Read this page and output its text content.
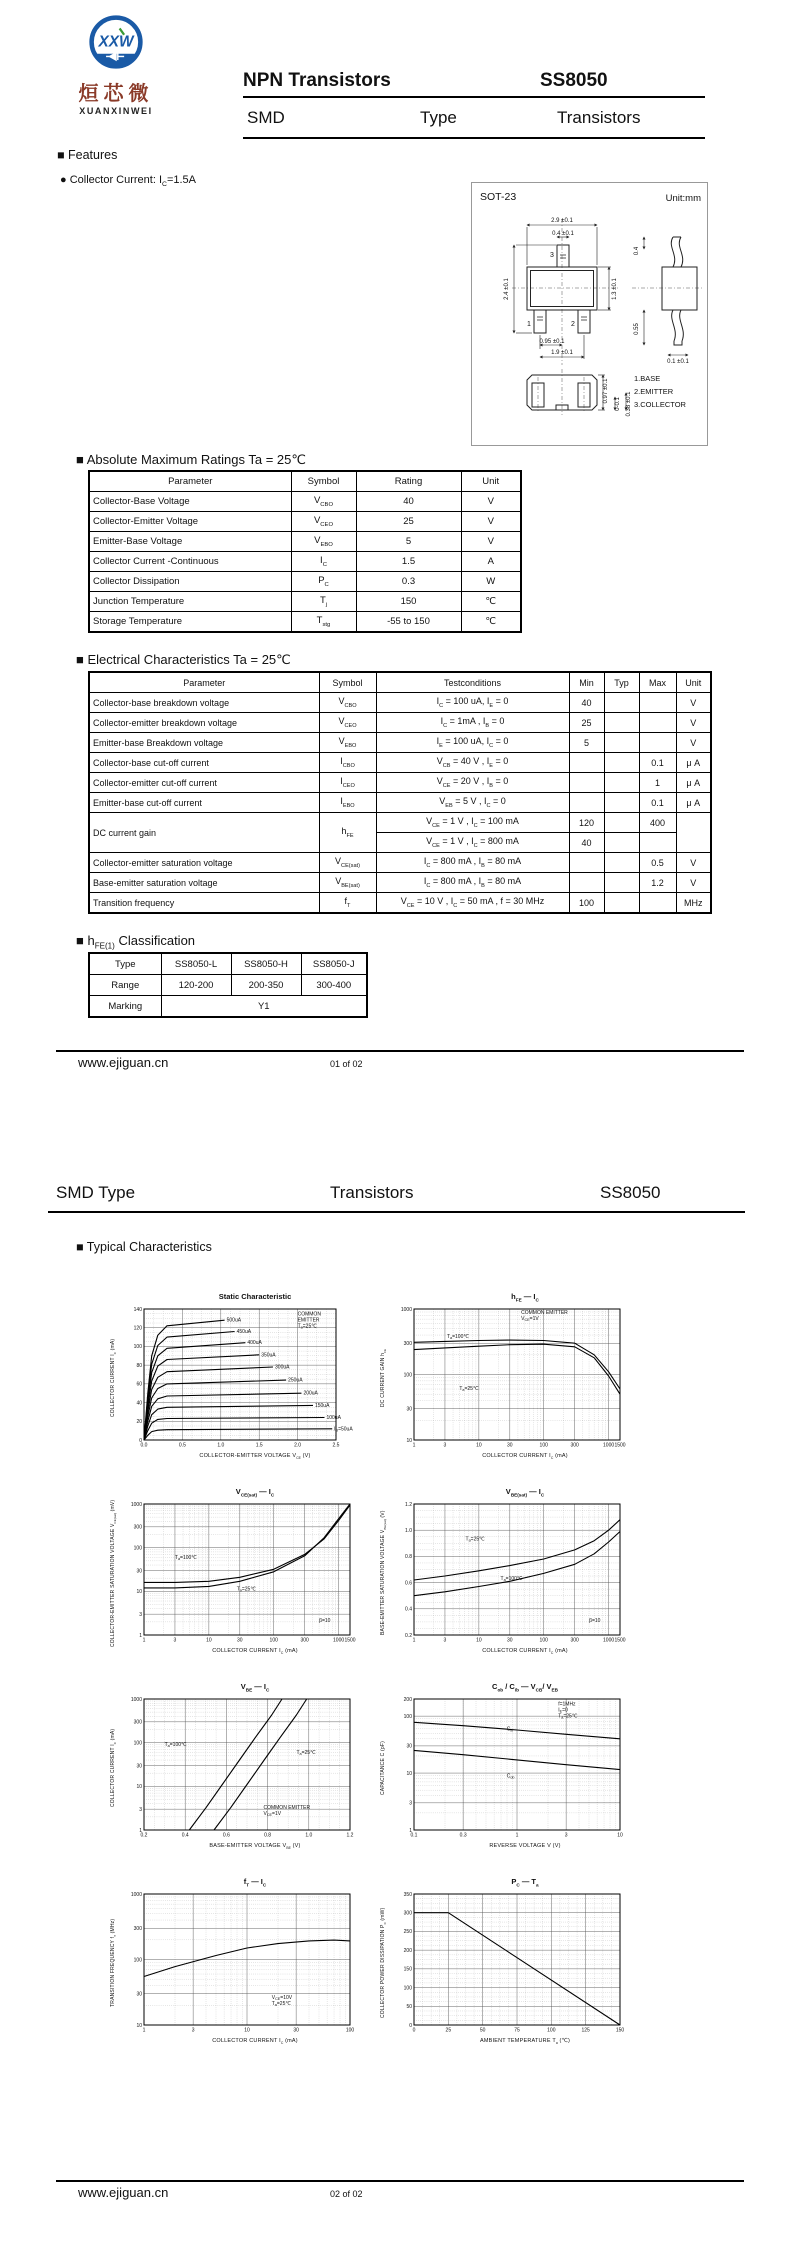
XXW
烜芯微
XUANXINWEI
NPN Transistors	SS8050
SMD	Type	Transistors
■ Features
● Collector Current: $I_C=1.5A$
SOT-23	Unit:mm
2.9 ±0.1
0.4 ±0.1
2.4 ±0.1	1.3 ±0.1
0.95 ±0.1
1.9 ±0.1
0.4
0.55
0.1 ±0.1
0.97 ±0.1
0-0.1 0.38 ±0.1
3
1	2
1.BASE
2.EMITTER
3.COLLECTOR
■ Absolute Maximum Ratings Ta = 25℃
Parameter	Symbol	Rating	Unit
Collector-Base Voltage	$V_{CBO}$	40	V
Collector-Emitter Voltage	$V_{CEO}$	25	V
Emitter-Base Voltage	$V_{EBO}$	5	V
Collector Current -Continuous	$I_C$	1.5	A
Collector Dissipation	$P_C$	0.3	W
Junction Temperature	$T_j$	150	℃
Storage Temperature	$T_{stg}$	-55 to 150	℃
■ Electrical Characteristics Ta = 25℃
Parameter	Symbol	Testconditions	Min	Typ	Max	Unit
Collector-base breakdown voltage	$V_{CBO}$	$I_C = 100$ uA, $I_E = 0$	40			V
Collector-emitter breakdown voltage	$V_{CEO}$	$I_C = 1mA$ , $I_B = 0$	25			V
Emitter-base Breakdown voltage	$V_{EBO}$	$I_E = 100$ uA, $I_C = 0$	5			V
Collector-base cut-off current	$I_{CBO}$	$V_{CB} = 40$ V , $I_E = 0$			0.1	μ A
Collector-emitter cut-off current	$I_{CEO}$	$V_{CE} = 20$ V , $I_B = 0$			1	μ A
Emitter-base cut-off current	$I_{EBO}$	$V_{EB} = 5$ V , $I_C = 0$			0.1	μ A
DC current gain	$h_{FE}$	$V_{CE} = 1$ V , $I_C = 100$ mA	120		400	
		$V_{CE} = 1$ V , $I_C = 800$ mA	40			
Collector-emitter saturation voltage	$V_{CE(sat)}$	$I_C = 800$ mA , $I_B = 80$ mA			0.5	V
Base-emitter saturation voltage	$V_{BE(sat)}$	$I_C = 800$ mA , $I_B = 80$ mA			1.2	V
Transition frequency	$f_T$	$V_{CE} = 10$ V , $I_C = 50$ mA , f = 30 MHz	100			MHz
■ $h_{FE(1)}$ Classification
Type	SS8050-L	SS8050-H	SS8050-J
Range	120-200	200-350	300-400
Marking	Y1		
www.ejiguan.cn	01 of 02
SMD Type	Transistors	SS8050
■ Typical Characteristics
Static Characteristic
COLLECTOR CURRENT $I_C$ (mA)
0.0	0.5	1.0	1.5	2.0	2.5
0
20
40
60
80
100
120
140
500uA
450uA
400uA
350uA
300uA
250uA
200uA
150uA
100uA
$I_B=50uA$
COMMON
EMITTER
$T_a=25℃$
COLLECTOR-EMITTER VOLTAGE $V_{CE}$ (V)
$h_{FE}$ — $I_C$
DC CURRENT GAIN $h_{FE}$
1	3	10	30	100	300	1000 1500
10
30
100
300
1000
COMMON EMITTER
$V_{CE}=1V$
$T_a=100℃$
$T_a=25℃$
COLLECTOR CURRENT $I_C$ (mA)
$V_{CE(sat)}$ — $I_C$
COLLECTOR-EMITTER SATURATION VOLTAGE $V_{CE(sat)}$ (mV)
1	3	10	30	100	300	1000 1500
1
3
10
30
100
300
1000
$T_a=100℃$
$T_a=25℃$
β=10
COLLECTOR CURRENT $I_C$ (mA)
$V_{BE(sat)}$ — $I_C$
BASE-EMITTER SATURATION VOLTAGE $V_{BE(sat)}$ (V)
1	3	10	30	100	300	1000 1500
0.2
0.4
0.6
0.8
1.0
1.2
$T_a=25℃$
$T_a=100℃$
β=10
COLLECTOR CURRENT $I_C$ (mA)
$V_{BE}$ — $I_C$
COLLECTOR CURRENT $I_C$ (mA)
0.2	0.4	0.6	0.8	1.0	1.2
1
3
10
30
100
300
1000
$T_a=100℃$
$T_a=25℃$
COMMON EMITTER
$V_{CE}=1V$
BASE-EMITTER VOLTAGE $V_{BE}$ (V)
$C_{ob} / C_{ib}$ — $V_{CB}/$ $V_{EB}$
CAPACITANCE C (pF)
0.1	0.3	1	3	10
1
3
10
30
100
200
f=1MHz
$I_E=0$
$T_a=25℃$
$C_{ib}$
$C_{ob}$
REVERSE VOLTAGE V (V)
$f_T$ — $I_C$
TRANSITION FREQUENCY $f_T$ (MHz)
1	3	10	30	100
10
30
100
300
1000
$V_{CE}=10V$
$T_a=25℃$
COLLECTOR CURRENT $I_C$ (mA)
$P_C$ — $T_a$
COLLECTOR POWER DISSIPATION $P_C$ (mW)
0	25	50	75	100	125	150
0
50
100
150
200
250
300
350
AMBIENT TEMPERATURE $T_a$ (℃)
www.ejiguan.cn	02 of 02
